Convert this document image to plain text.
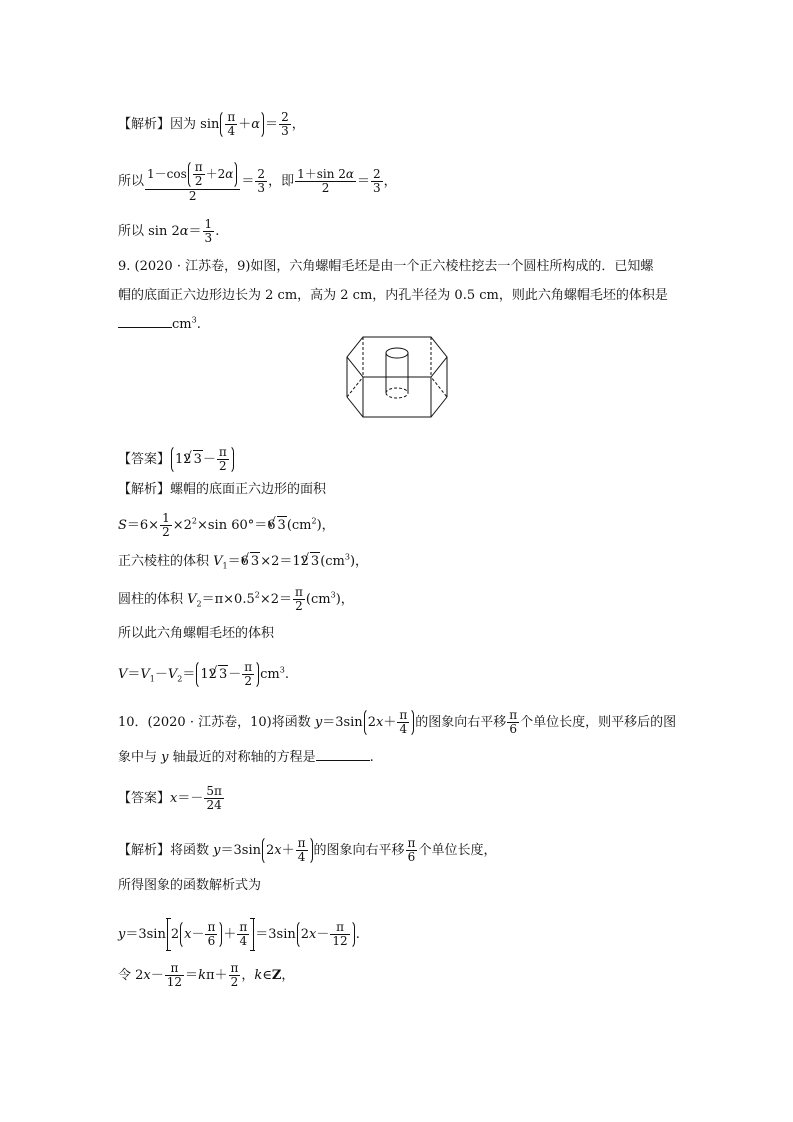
【解析】因为 $\sin \frac{\pi}{4} +\alpha = \frac{2}{3}$ ，
所以 $\frac{1-\cos \frac{\pi}{2} +2\alpha}{2} = \frac{2}{3}$ ，即 $\frac{1+\sin 2\alpha}{2} = \frac{2}{3}$ ，
所以 $\sin 2\alpha= \frac{1}{3}$ .
9. (2020 · 江苏卷，9)如图，六角螺帽毛坯是由一个正六棱柱挖去一个圆柱所构成的．已知螺
帽的底面正六边形边长为 2 cm，高为 2 cm，内孔半径为 0.5 cm，则此六角螺帽毛坯的体积是
$cm^3$.
【答案】 12√ $3- \frac{\pi}{2}$
【解析】螺帽的底面正六边形的面积
$S=6\times \frac{1}{2} \times 2^2\times\sin$ 60°＝6√ $3(cm^2)$，
正六棱柱的体积 $V_1=6√$ 3×2＝12√ $3(cm^3)$，
圆柱的体积 $V_2=\pi\times 0.5^2\times 2= \frac{\pi}{2} (cm^3)$，
所以此六角螺帽毛坯的体积
$V=V_1-V_2= 12√$ $3- \frac{\pi}{2} cm^3$.
10．(2020 · 江苏卷，10)将函数 y＝3sin $2x+ \frac{\pi}{4}$ 的图象向右平移 $\frac{\pi}{6}$ 个单位长度，则平移后的图
象中与 y 轴最近的对称轴的方程是	.
【答案】$x=- \frac{5\pi}{24}$
【解析】将函数 y＝3sin $2x+ \frac{\pi}{4}$ 的图象向右平移 $\frac{\pi}{6}$ 个单位长度，
所得图象的函数解析式为
y＝3sin 2 $x- \frac{\pi}{6} + \frac{\pi}{4} =3\sin$ $2x- \frac{\pi}{12}$ .
令 $2x- \frac{\pi}{12} =k\pi+ \frac{\pi}{2}$ ，k∈Z，
